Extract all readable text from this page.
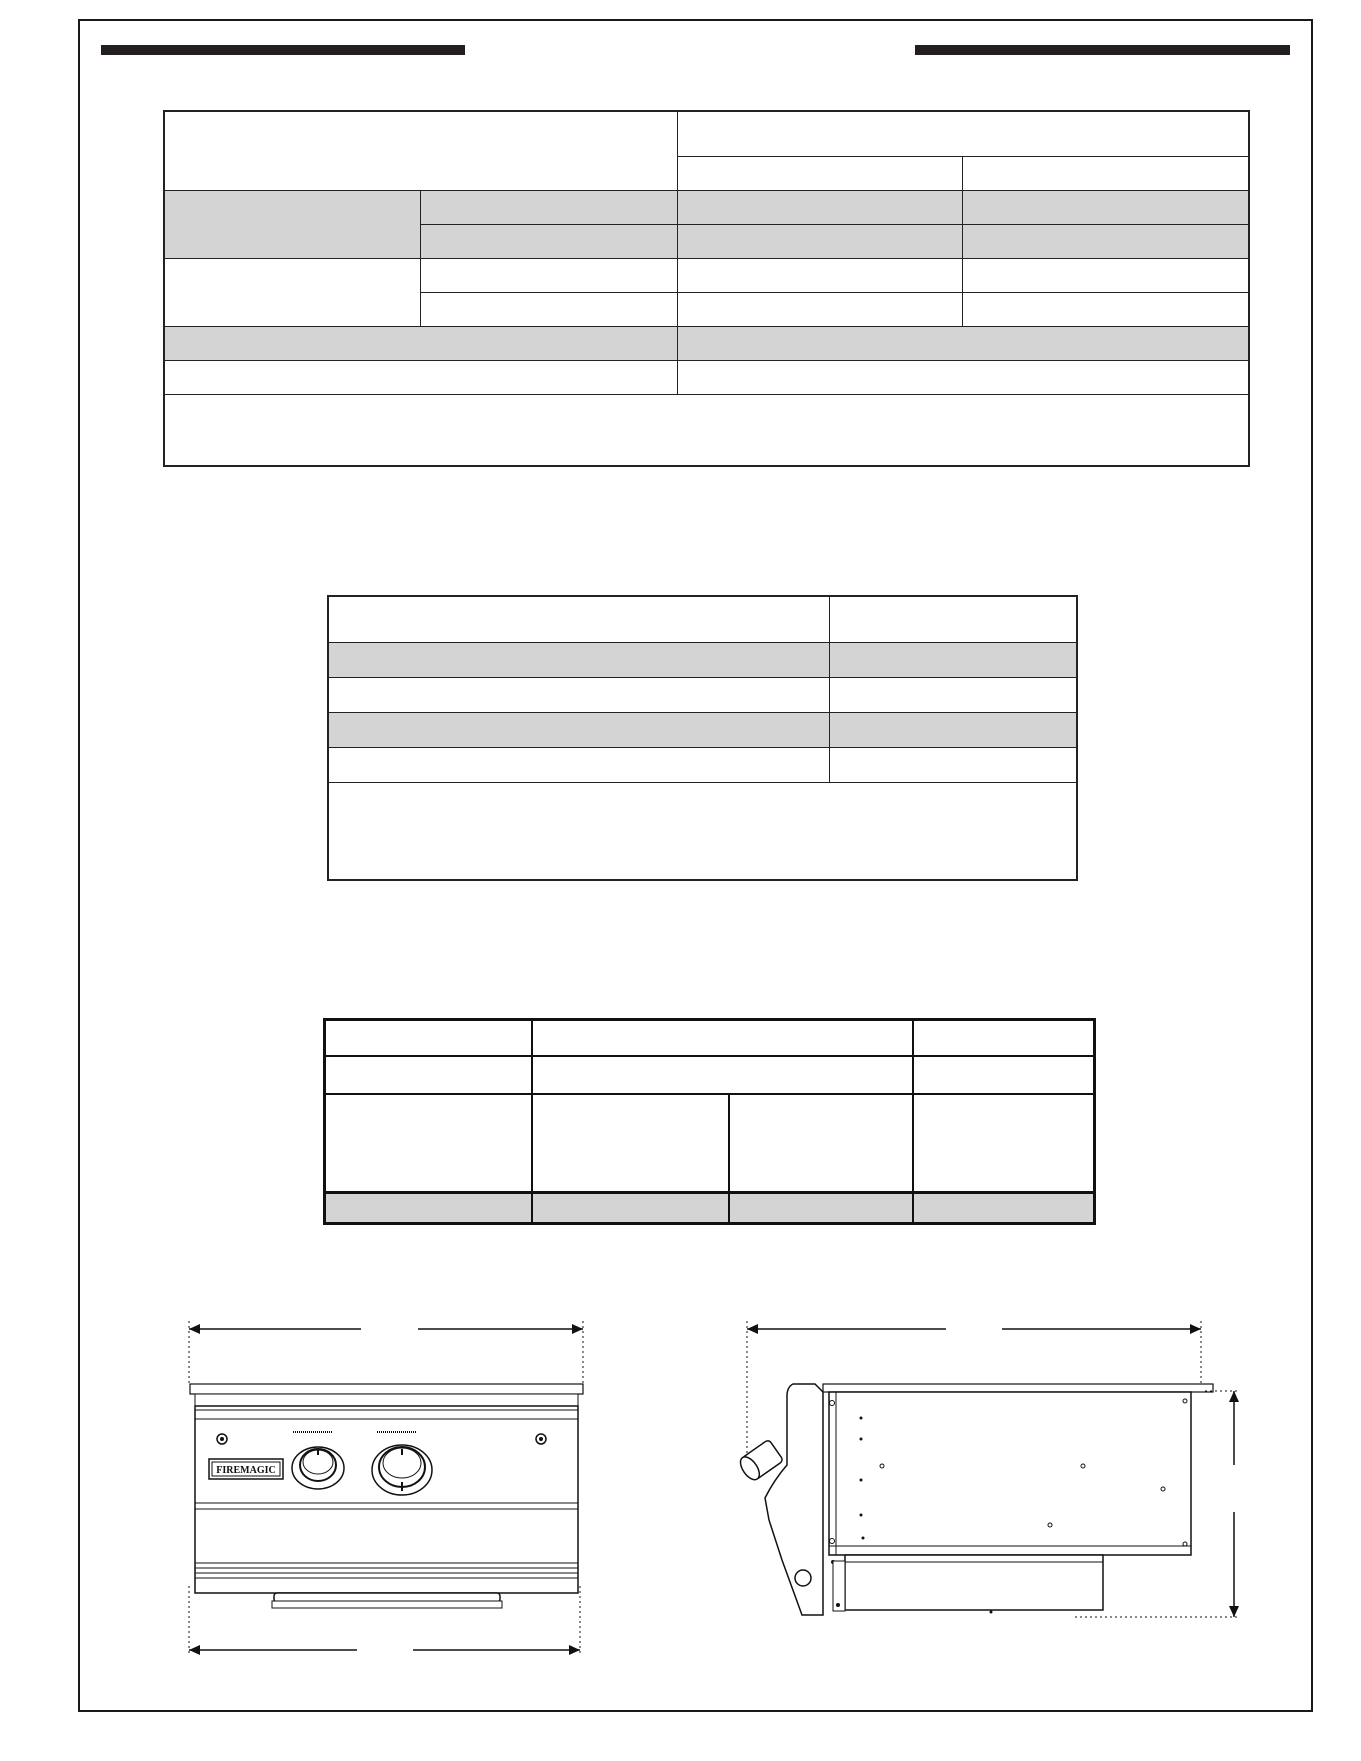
FIREMAGIC
